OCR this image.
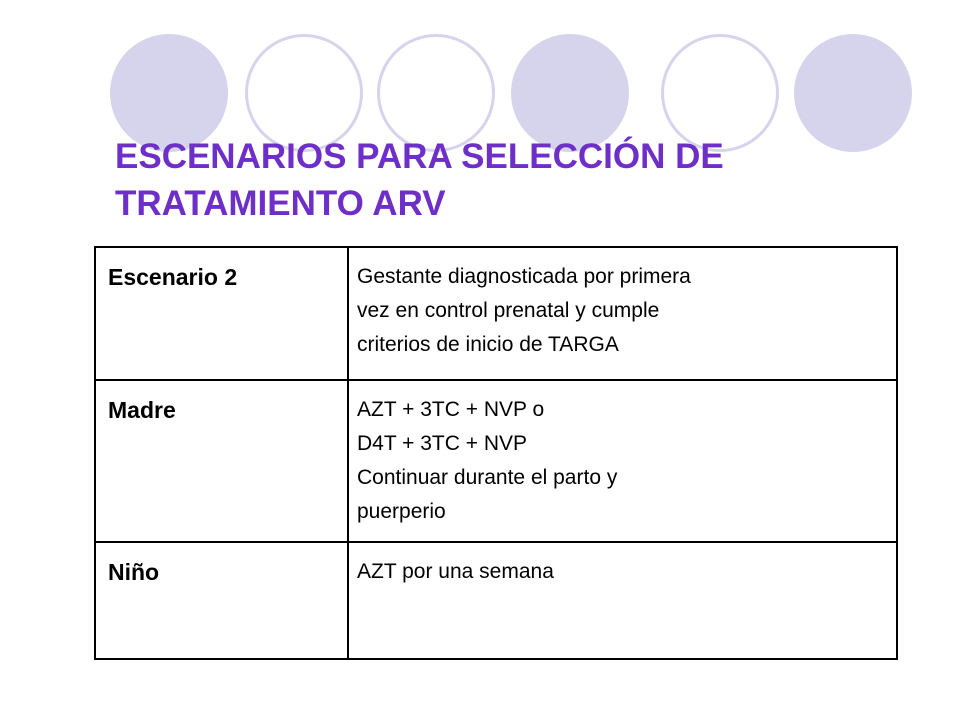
ESCENARIOS PARA SELECCIÓN DE
TRATAMIENTO ARV
Escenario 2	Gestante diagnosticada por primera
vez en control prenatal y cumple
criterios de inicio de TARGA

Madre	AZT + 3TC + NVP o
D4T + 3TC + NVP
Continuar durante el parto y
puerperio

Niño	AZT por una semana
